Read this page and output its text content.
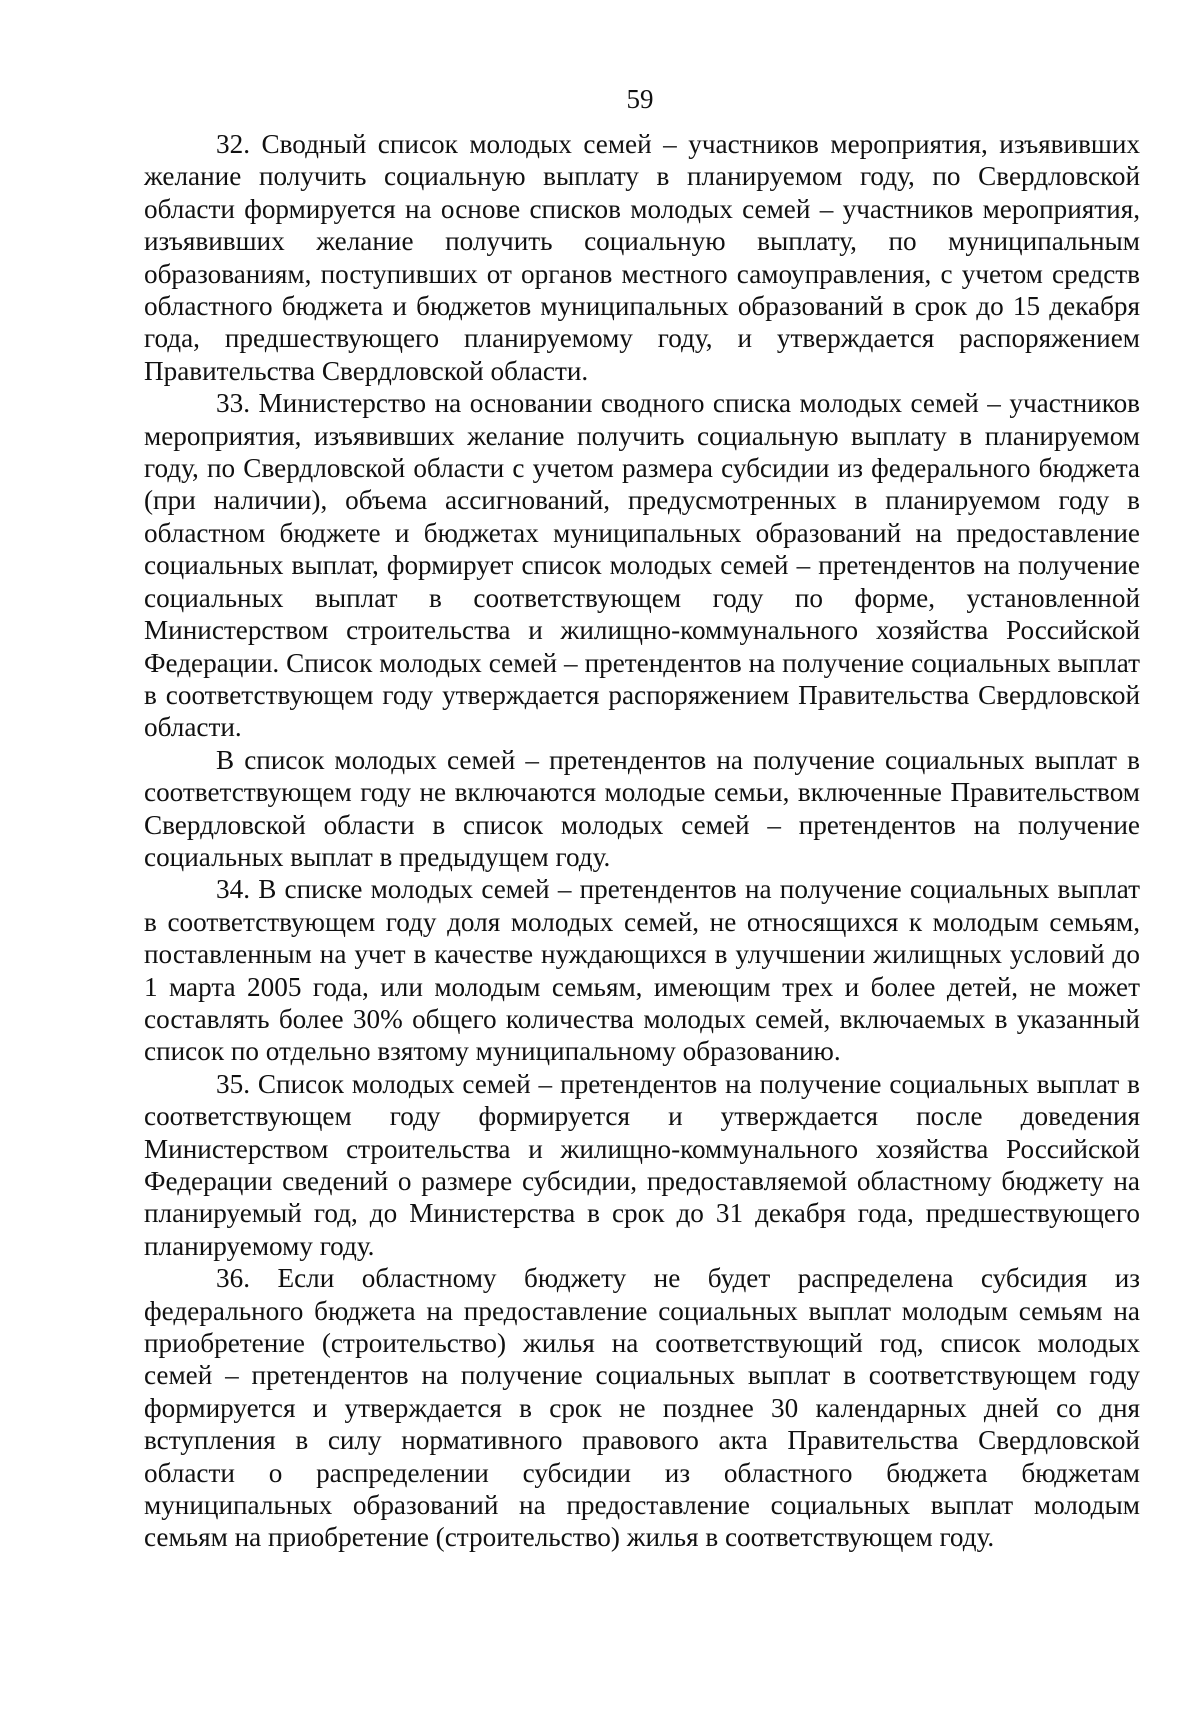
59

32. Сводный список молодых семей – участников мероприятия, изъявивших желание получить социальную выплату в планируемом году, по Свердловской области формируется на основе списков молодых семей – участников мероприятия, изъявивших желание получить социальную выплату, по муниципальным образованиям, поступивших от органов местного самоуправления, с учетом средств областного бюджета и бюджетов муниципальных образований в срок до 15 декабря года, предшествующего планируемому году, и утверждается распоряжением Правительства Свердловской области.

33. Министерство на основании сводного списка молодых семей – участников мероприятия, изъявивших желание получить социальную выплату в планируемом году, по Свердловской области с учетом размера субсидии из федерального бюджета (при наличии), объема ассигнований, предусмотренных в планируемом году в областном бюджете и бюджетах муниципальных образований на предоставление социальных выплат, формирует список молодых семей – претендентов на получение социальных выплат в соответствующем году по форме, установленной Министерством строительства и жилищно-коммунального хозяйства Российской Федерации. Список молодых семей – претендентов на получение социальных выплат в соответствующем году утверждается распоряжением Правительства Свердловской области.

В список молодых семей – претендентов на получение социальных выплат в соответствующем году не включаются молодые семьи, включенные Правительством Свердловской области в список молодых семей – претендентов на получение социальных выплат в предыдущем году.

34. В списке молодых семей – претендентов на получение социальных выплат в соответствующем году доля молодых семей, не относящихся к молодым семьям, поставленным на учет в качестве нуждающихся в улучшении жилищных условий до 1 марта 2005 года, или молодым семьям, имеющим трех и более детей, не может составлять более 30% общего количества молодых семей, включаемых в указанный список по отдельно взятому муниципальному образованию.

35. Список молодых семей – претендентов на получение социальных выплат в соответствующем году формируется и утверждается после доведения Министерством строительства и жилищно-коммунального хозяйства Российской Федерации сведений о размере субсидии, предоставляемой областному бюджету на планируемый год, до Министерства в срок до 31 декабря года, предшествующего планируемому году.

36. Если областному бюджету не будет распределена субсидия из федерального бюджета на предоставление социальных выплат молодым семьям на приобретение (строительство) жилья на соответствующий год, список молодых семей – претендентов на получение социальных выплат в соответствующем году формируется и утверждается в срок не позднее 30 календарных дней со дня вступления в силу нормативного правового акта Правительства Свердловской области о распределении субсидии из областного бюджета бюджетам муниципальных образований на предоставление социальных выплат молодым семьям на приобретение (строительство) жилья в соответствующем году.
